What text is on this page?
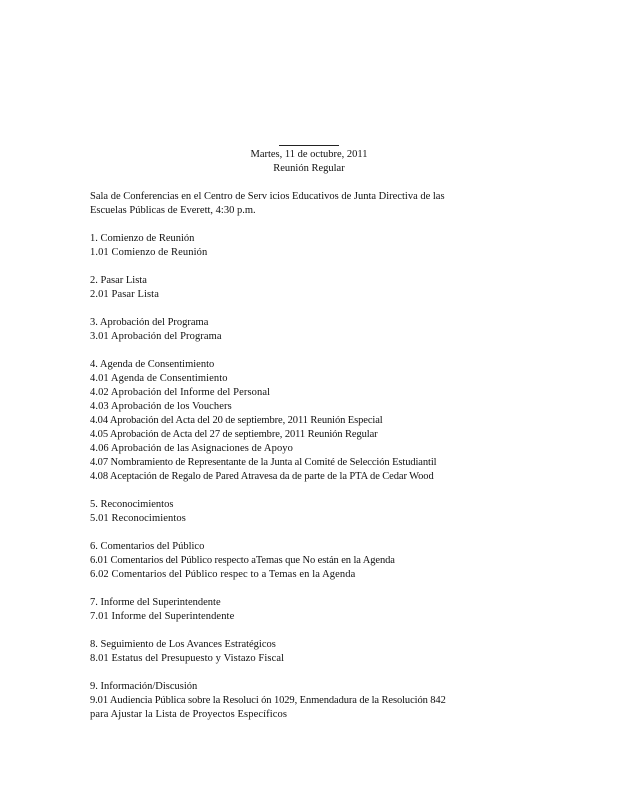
Martes, 11 de octubre, 2011
Reunión Regular
Sala de Conferencias en el Centro de Serv icios Educativos de Junta Directiva de las
Escuelas Públicas de Everett, 4:30 p.m.
1. Comienzo de Reunión
1.01 Comienzo de Reunión
2. Pasar Lista
2.01 Pasar Lista
3. Aprobación del Programa
3.01 Aprobación del Programa
4. Agenda de Consentimiento
4.01 Agenda de Consentimiento
4.02 Aprobación del Informe del Personal
4.03 Aprobación de los Vouchers
4.04 Aprobación del Acta del 20 de septiembre, 2011 Reunión Especial
4.05 Aprobación de Acta del 27 de septiembre, 2011 Reunión Regular
4.06 Aprobación de las Asignaciones de Apoyo
4.07 Nombramiento de Representante de la Junta al Comité de Selección Estudiantil
4.08 Aceptación de Regalo de Pared Atravesa da de parte de la PTA de Cedar Wood
5. Reconocimientos
5.01 Reconocimientos
6. Comentarios del Público
6.01 Comentarios del Público respecto aTemas que No están en la Agenda
6.02 Comentarios del Público respec to a Temas en la Agenda
7. Informe del Superintendente
7.01 Informe del Superintendente
8. Seguimiento de Los Avances Estratégicos
8.01 Estatus del Presupuesto y Vistazo Fiscal
9. Información/Discusión
9.01 Audiencia Pública sobre la Resoluci ón 1029, Enmendadura de la Resolución 842
para Ajustar la Lista de Proyectos Específicos
